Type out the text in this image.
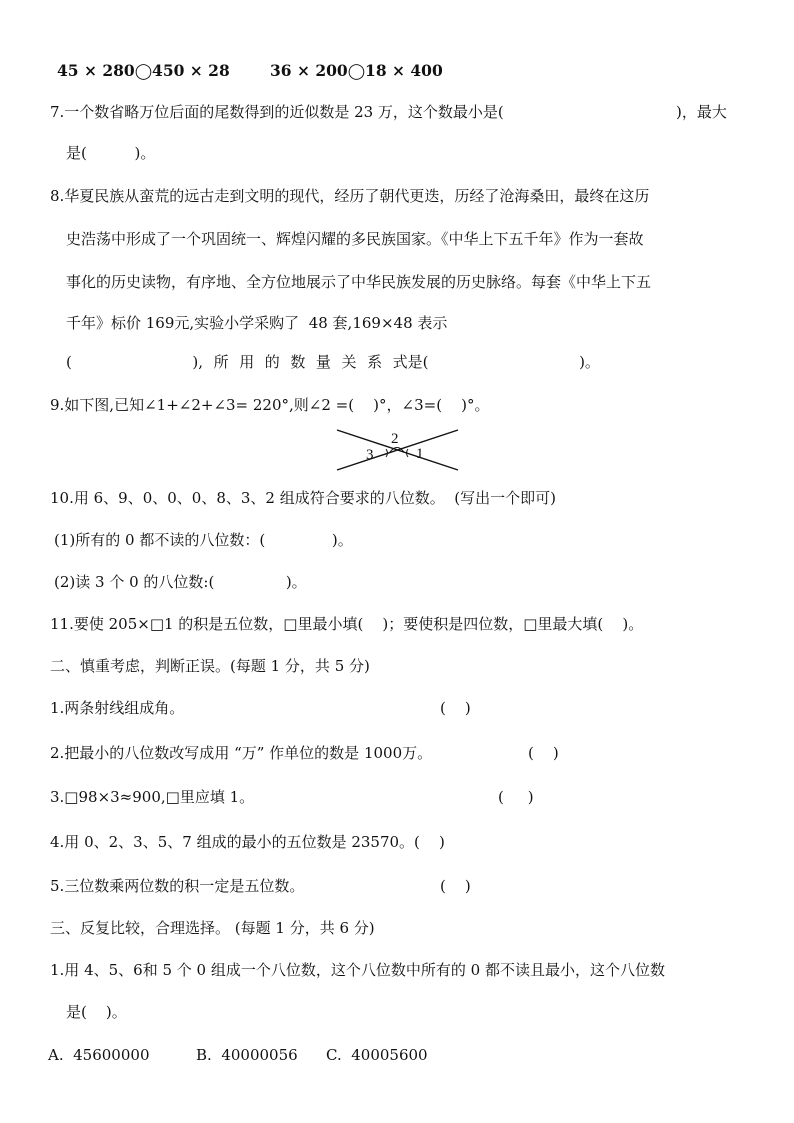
45 × 280◯450 × 28	36 × 200◯18 × 400
7.一个数省略万位后面的尾数得到的近似数是 23 万，这个数最小是(	)，最大
是(          )。
8.华夏民族从蛮荒的远古走到文明的现代，经历了朝代更迭，历经了沧海桑田，最终在这历
史浩荡中形成了一个巩固统一、辉煌闪耀的多民族国家。《中华上下五千年》作为一套故
事化的历史读物，有序地、全方位地展示了中华民族发展的历史脉络。每套《中华上下五
千年》标价 169元,实验小学采购了  48 套,169×48 表示
(	), 所 用 的 数 量 关 系 式是(	)。
9.如下图,已知∠1+∠2+∠3= 220°,则∠2 =(    )°，∠3=(    )°。
2
3	1
10.用 6、9、0、0、0、8、3、2 组成符合要求的八位数。  (写出一个即可)
(1)所有的 0 都不读的八位数：(              )。
(2)读 3 个 0 的八位数:(               )。
11.要使 205×□1 的积是五位数，□里最小填(    )；要使积是四位数，□里最大填(    )。
二、慎重考虑，判断正误。(每题 1 分，共 5 分)
1.两条射线组成角。	(    )
2.把最小的八位数改写成用 “万” 作单位的数是 1000万。	(    )
3.□98×3≈900,□里应填 1。	(     )
4.用 0、2、3、5、7 组成的最小的五位数是 23570。(    )
5.三位数乘两位数的积一定是五位数。	(    )
三、反复比较，合理选择。 (每题 1 分，共 6 分)
1.用 4、5、6和 5 个 0 组成一个八位数，这个八位数中所有的 0 都不读且最小，这个八位数
是(    )。
A.  45600000	B.  40000056 C.  40005600
